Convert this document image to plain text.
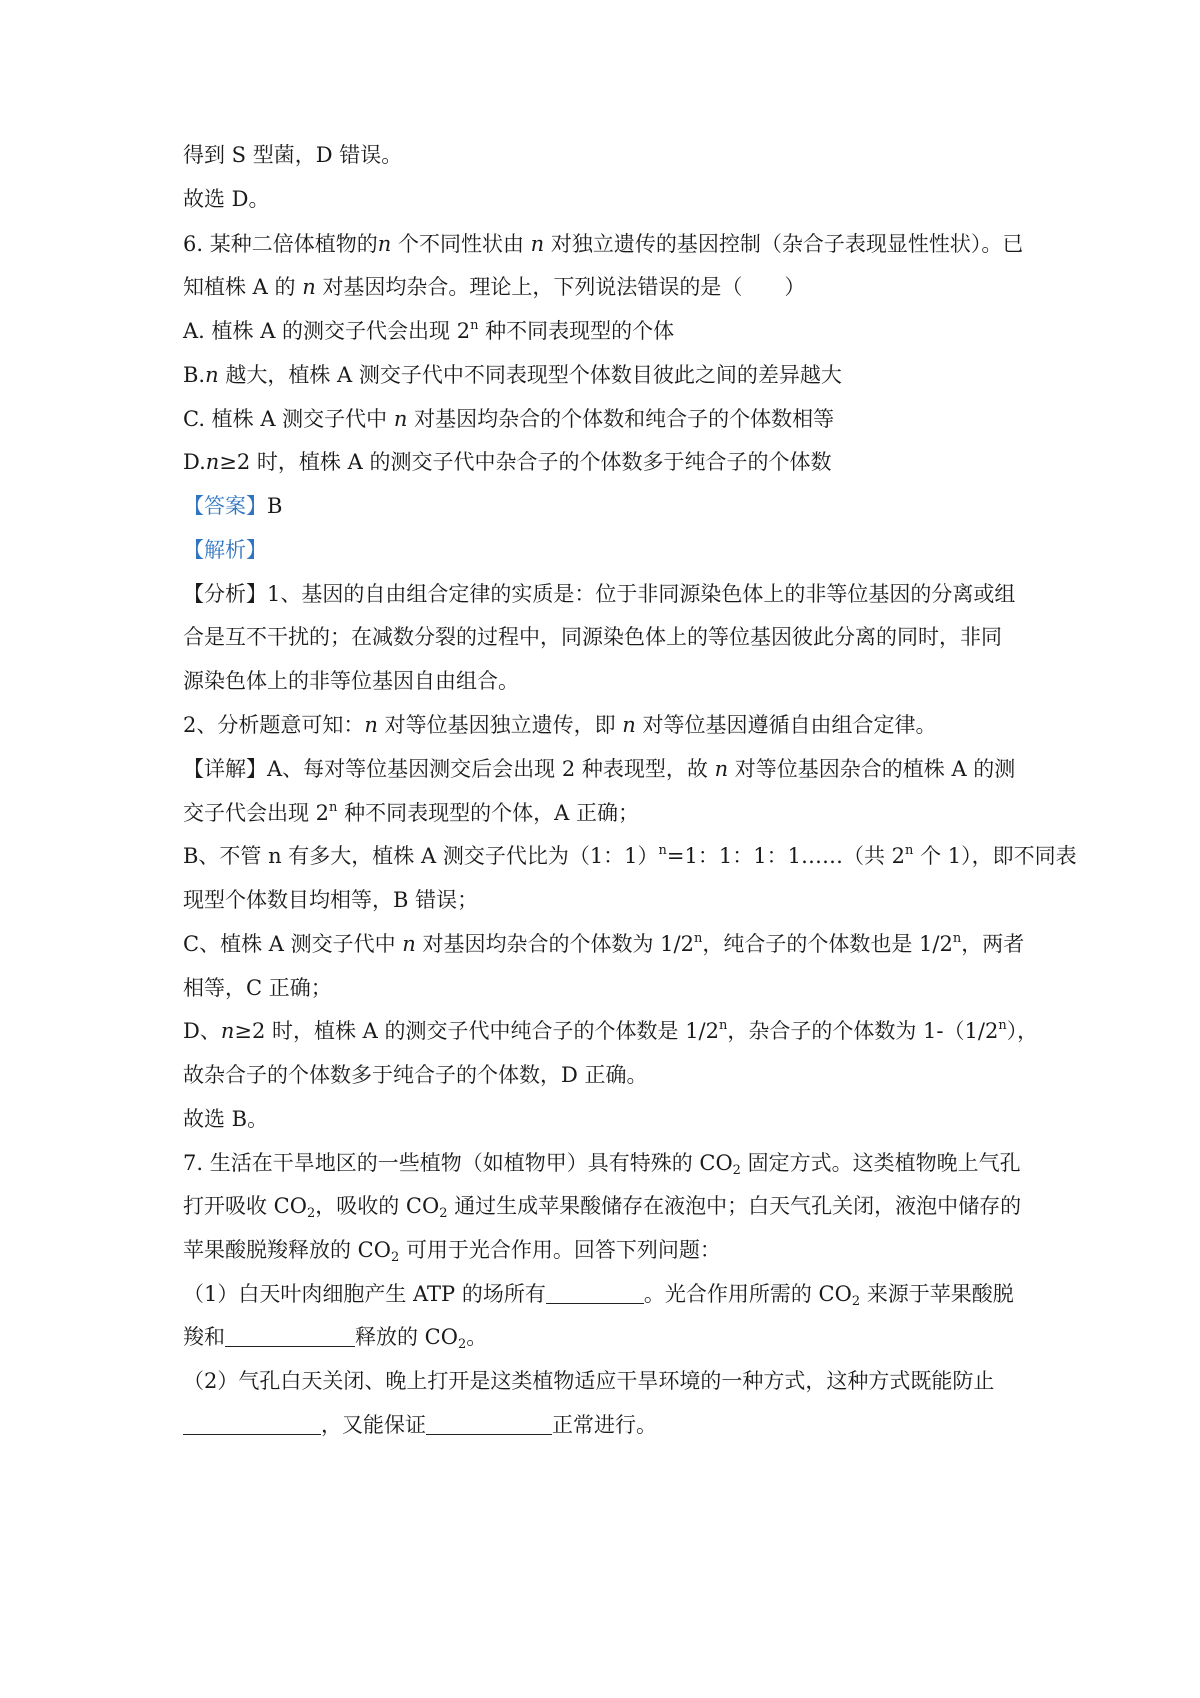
得到 S 型菌，D 错误。
故选 D。
6. 某种二倍体植物的n 个不同性状由 n 对独立遗传的基因控制（杂合子表现显性性状）。已
知植株 A 的 n 对基因均杂合。理论上，下列说法错误的是（　　）
A. 植株 A 的测交子代会出现 2$^n$ 种不同表现型的个体
B.n 越大，植株 A 测交子代中不同表现型个体数目彼此之间的差异越大
C. 植株 A 测交子代中 n 对基因均杂合的个体数和纯合子的个体数相等
D.n≥2 时，植株 A 的测交子代中杂合子的个体数多于纯合子的个体数
【答案】B
【解析】
【分析】1、基因的自由组合定律的实质是：位于非同源染色体上的非等位基因的分离或组
合是互不干扰的；在减数分裂的过程中，同源染色体上的等位基因彼此分离的同时，非同
源染色体上的非等位基因自由组合。
2、分析题意可知：n 对等位基因独立遗传，即 n 对等位基因遵循自由组合定律。
【详解】A、每对等位基因测交后会出现 2 种表现型，故 n 对等位基因杂合的植株 A 的测
交子代会出现 2$^n$ 种不同表现型的个体，A 正确；
B、不管 n 有多大，植株 A 测交子代比为（1：1）$^n$=1：1：1：1……（共 2$^n$ 个 1），即不同表
现型个体数目均相等，B 错误；
C、植株 A 测交子代中 n 对基因均杂合的个体数为 1/2$^n$，纯合子的个体数也是 1/2$^n$，两者
相等，C 正确；
D、n≥2 时，植株 A 的测交子代中纯合子的个体数是 1/2$^n$，杂合子的个体数为 1-（1/2$^n$），
故杂合子的个体数多于纯合子的个体数，D 正确。
故选 B。
7. 生活在干旱地区的一些植物（如植物甲）具有特殊的 $CO_2$ 固定方式。这类植物晚上气孔
打开吸收 $CO_2$，吸收的 $CO_2$ 通过生成苹果酸储存在液泡中；白天气孔关闭，液泡中储存的
苹果酸脱羧释放的 $CO_2$ 可用于光合作用。回答下列问题：
（1）白天叶肉细胞产生 ATP 的场所有	。光合作用所需的 $CO_2$ 来源于苹果酸脱
羧和	释放的 $CO_2$。
（2）气孔白天关闭、晚上打开是这类植物适应干旱环境的一种方式，这种方式既能防止
，又能保证	正常进行。
